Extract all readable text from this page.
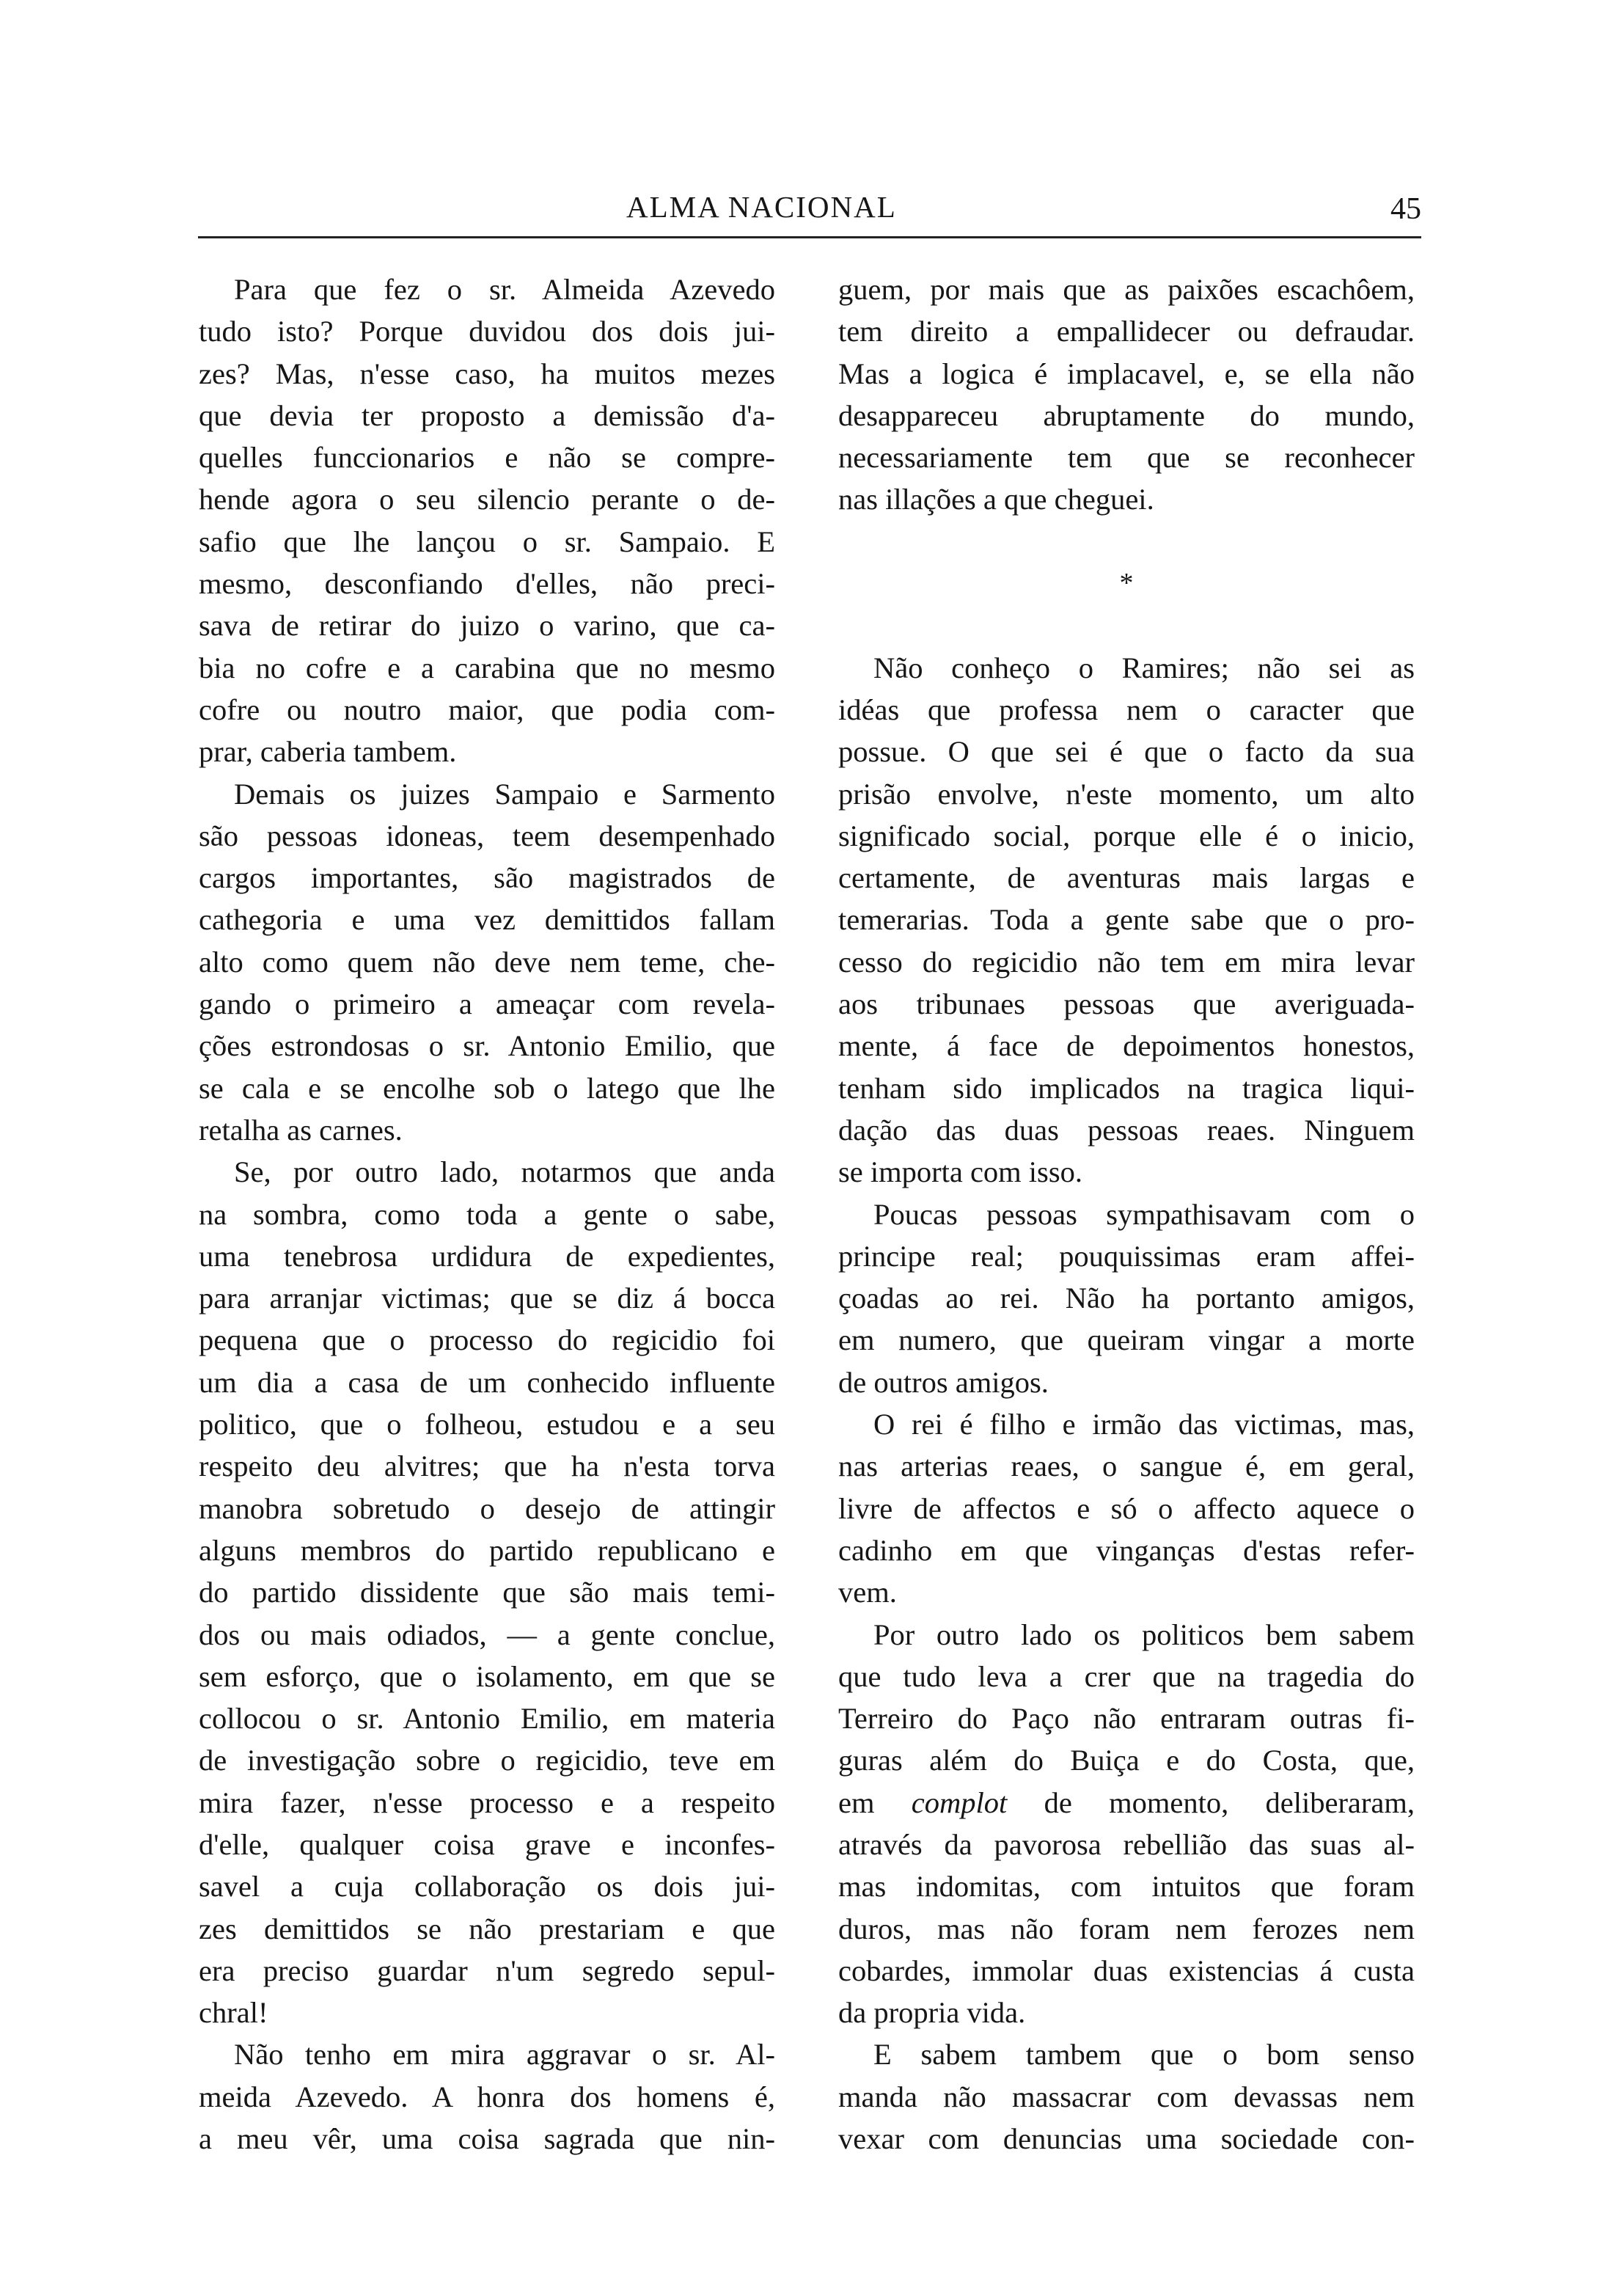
ALMA NACIONAL	45
Para que fez o sr. Almeida Azevedo
tudo isto? Porque duvidou dos dois jui-
zes? Mas, n'esse caso, ha muitos mezes
que devia ter proposto a demissão d'a-
quelles funccionarios e não se compre-
hende agora o seu silencio perante o de-
safio que lhe lançou o sr. Sampaio. E
mesmo, desconfiando d'elles, não preci-
sava de retirar do juizo o varino, que ca-
bia no cofre e a carabina que no mesmo
cofre ou noutro maior, que podia com-
prar, caberia tambem.
Demais os juizes Sampaio e Sarmento
são pessoas idoneas, teem desempenhado
cargos importantes, são magistrados de
cathegoria e uma vez demittidos fallam
alto como quem não deve nem teme, che-
gando o primeiro a ameaçar com revela-
ções estrondosas o sr. Antonio Emilio, que
se cala e se encolhe sob o latego que lhe
retalha as carnes.
Se, por outro lado, notarmos que anda
na sombra, como toda a gente o sabe,
uma tenebrosa urdidura de expedientes,
para arranjar victimas; que se diz á bocca
pequena que o processo do regicidio foi
um dia a casa de um conhecido influente
politico, que o folheou, estudou e a seu
respeito deu alvitres; que ha n'esta torva
manobra sobretudo o desejo de attingir
alguns membros do partido republicano e
do partido dissidente que são mais temi-
dos ou mais odiados, — a gente conclue,
sem esforço, que o isolamento, em que se
collocou o sr. Antonio Emilio, em materia
de investigação sobre o regicidio, teve em
mira fazer, n'esse processo e a respeito
d'elle, qualquer coisa grave e inconfes-
savel a cuja collaboração os dois jui-
zes demittidos se não prestariam e que
era preciso guardar n'um segredo sepul-
chral!
Não tenho em mira aggravar o sr. Al-
meida Azevedo. A honra dos homens é,
a meu vêr, uma coisa sagrada que nin-
guem, por mais que as paixões escachôem,
tem direito a empallidecer ou defraudar.
Mas a logica é implacavel, e, se ella não
desappareceu abruptamente do mundo,
necessariamente tem que se reconhecer
nas illações a que cheguei.
*
Não conheço o Ramires; não sei as
idéas que professa nem o caracter que
possue. O que sei é que o facto da sua
prisão envolve, n'este momento, um alto
significado social, porque elle é o inicio,
certamente, de aventuras mais largas e
temerarias. Toda a gente sabe que o pro-
cesso do regicidio não tem em mira levar
aos tribunaes pessoas que averiguada-
mente, á face de depoimentos honestos,
tenham sido implicados na tragica liqui-
dação das duas pessoas reaes. Ninguem
se importa com isso.
Poucas pessoas sympathisavam com o
principe real; pouquissimas eram affei-
çoadas ao rei. Não ha portanto amigos,
em numero, que queiram vingar a morte
de outros amigos.
O rei é filho e irmão das victimas, mas,
nas arterias reaes, o sangue é, em geral,
livre de affectos e só o affecto aquece o
cadinho em que vinganças d'estas refer-
vem.
Por outro lado os politicos bem sabem
que tudo leva a crer que na tragedia do
Terreiro do Paço não entraram outras fi-
guras além do Buiça e do Costa, que,
em complot de momento, deliberaram,
através da pavorosa rebellião das suas al-
mas indomitas, com intuitos que foram
duros, mas não foram nem ferozes nem
cobardes, immolar duas existencias á custa
da propria vida.
E sabem tambem que o bom senso
manda não massacrar com devassas nem
vexar com denuncias uma sociedade con-
